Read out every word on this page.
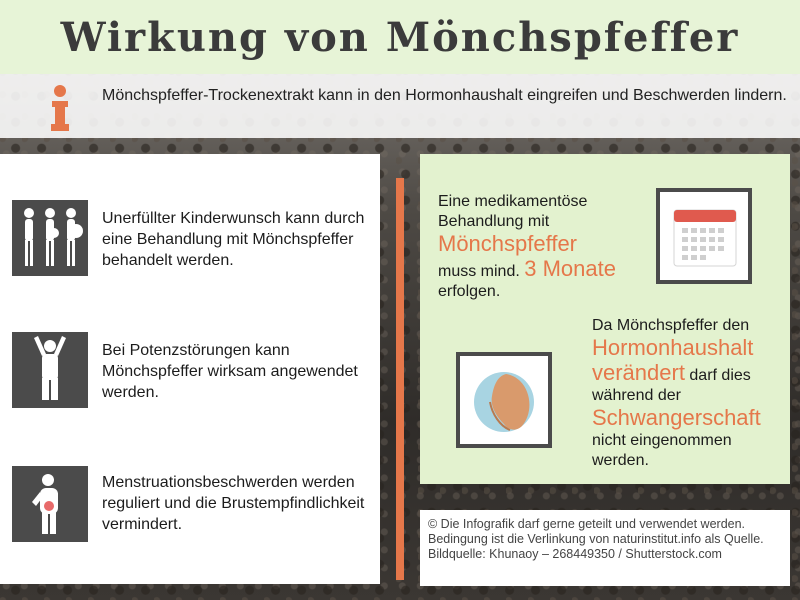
Wirkung von Mönchspfeffer

Mönchspfeffer-Trockenextrakt kann in den Hormonhaushalt eingreifen und Beschwerden lindern.

Unerfüllter Kinderwunsch kann durch eine Behandlung mit Mönchspfeffer behandelt werden.

Bei Potenzstörungen kann Mönchspfeffer wirksam angewendet werden.

Menstruationsbeschwerden werden reguliert und die Brustempfindlichkeit vermindert.

Eine medikamentöse Behandlung mit
Mönchspfeffer
muss mind. 3 Monate
erfolgen.
Da Mönchspfeffer den
Hormonhaushalt
verändert darf dies
während der
Schwangerschaft
nicht eingenommen werden.

© Die Infografik darf gerne geteilt und verwendet werden. Bedingung ist die Verlinkung von naturinstitut.info als Quelle. Bildquelle: Khunaoy – 268449350 / Shutterstock.com
